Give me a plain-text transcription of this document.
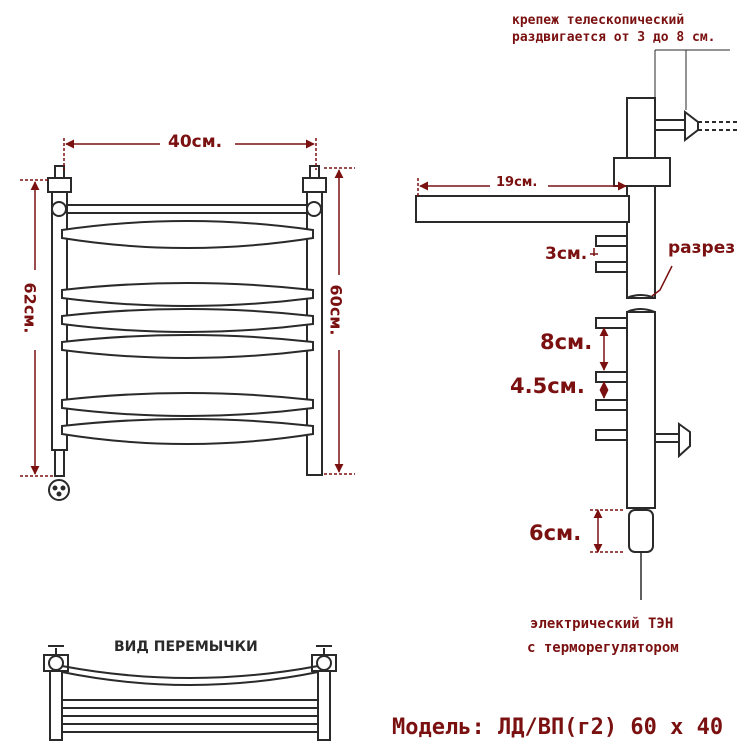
40см.
62см.	60см.
крепеж телескопический
раздвигается от 3 до 8 см.
19см.
3см.	разрез
8см.
4.5см.
6см.
электрический ТЭН
с терморегулятором
ВИД ПЕРЕМЫЧКИ
Модель: ЛД/ВП(г2) 60 х 40
